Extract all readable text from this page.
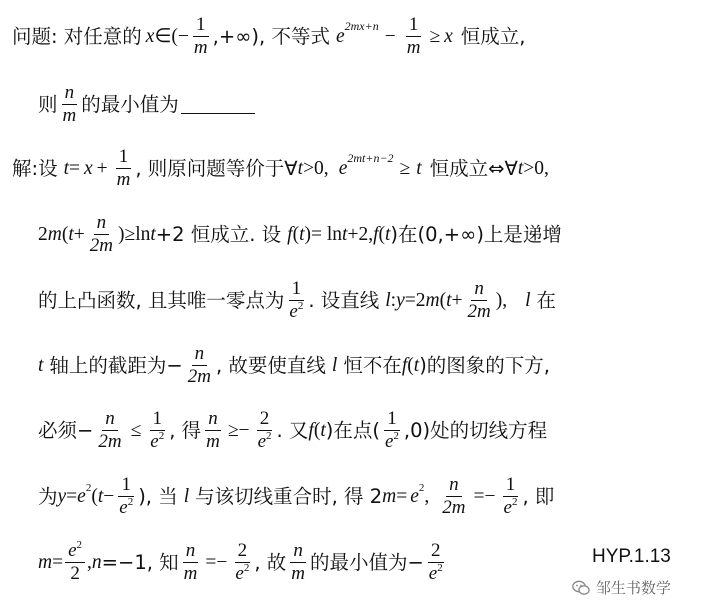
问题: 对任意的 x ∈(− $\frac{1}{m}$ ,+∞), 不等式 e $2mx+n - \frac{1}{m} \ge x$ 恒成立,
则 $\frac{n}{m}$ 的最小值为
解:设 $t = x + \frac{1}{m}$ , 则原问题等价于∀ t >0, e 2mt+n−2 ≥ t 恒成立⇔∀ t >0,
2 m ( $t + \frac{n}{2m} )\ge\ln$ t +2 恒成立. 设 f ( t )= ln t +2, f ( t )在(0,+∞)上是递增
的上凸函数, 且其唯一零点为 $\frac{1}{e^2}$ . 设直线 l : y =2 m ( $t + \frac{n}{2m}$ ), l 在
t 轴上的截距为− $\frac{n}{2m}$ , 故要使直线 l 恒不在 f ( t )的图象的下方,
必须− $\frac{n}{2m} \le \frac{1}{e^2}$ , 得 $\frac{n}{m} \ge- \frac{2}{e^2}$ . 又 f ( t )在点( $\frac{1}{e^2} ,0$)处的切线方程
为 y = e 2 ( $t - \frac{1}{e^2}$ ), 当 l 与该切线重合时, 得 2 m = e 2 , $\frac{n}{2m} =- \frac{1}{e^2}$ , 即
$m = \frac{e^2}{2}$ , n =−1, 知 $\frac{n}{m} =- \frac{2}{e^2}$ , 故 $\frac{n}{m}$ 的最小值为− $\frac{2}{e^2}$	HYP.1.13
邹生书数学
